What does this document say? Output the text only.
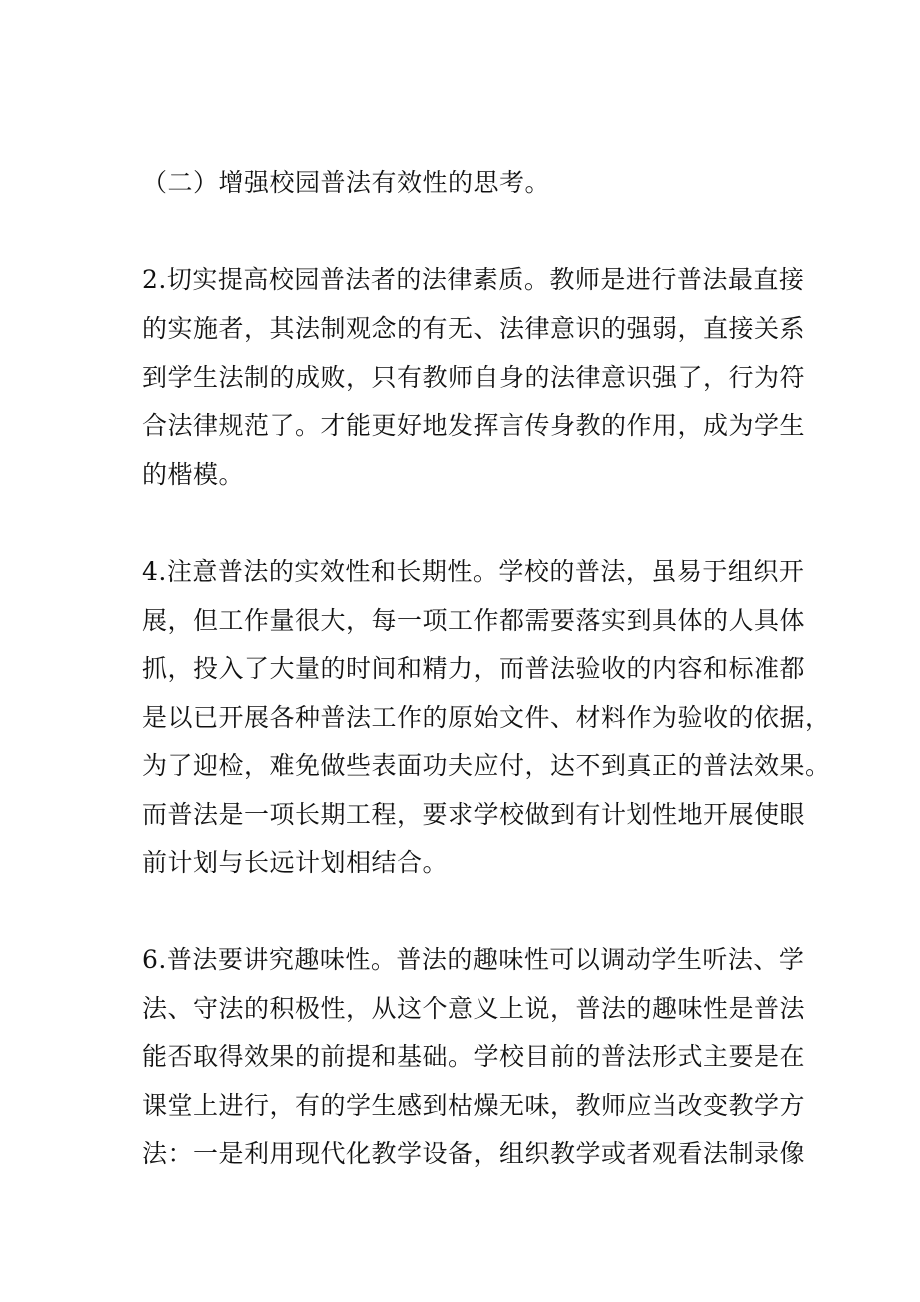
（二）增强校园普法有效性的思考。
2.切实提高校园普法者的法律素质。教师是进行普法最直接
的实施者，其法制观念的有无、法律意识的强弱，直接关系
到学生法制的成败，只有教师自身的法律意识强了，行为符
合法律规范了。才能更好地发挥言传身教的作用，成为学生
的楷模。
4.注意普法的实效性和长期性。学校的普法，虽易于组织开
展，但工作量很大，每一项工作都需要落实到具体的人具体
抓，投入了大量的时间和精力，而普法验收的内容和标准都
是以已开展各种普法工作的原始文件、材料作为验收的依据，
为了迎检，难免做些表面功夫应付，达不到真正的普法效果。
而普法是一项长期工程，要求学校做到有计划性地开展使眼
前计划与长远计划相结合。
6.普法要讲究趣味性。普法的趣味性可以调动学生听法、学
法、守法的积极性，从这个意义上说，普法的趣味性是普法
能否取得效果的前提和基础。学校目前的普法形式主要是在
课堂上进行，有的学生感到枯燥无味，教师应当改变教学方
法：一是利用现代化教学设备，组织教学或者观看法制录像
